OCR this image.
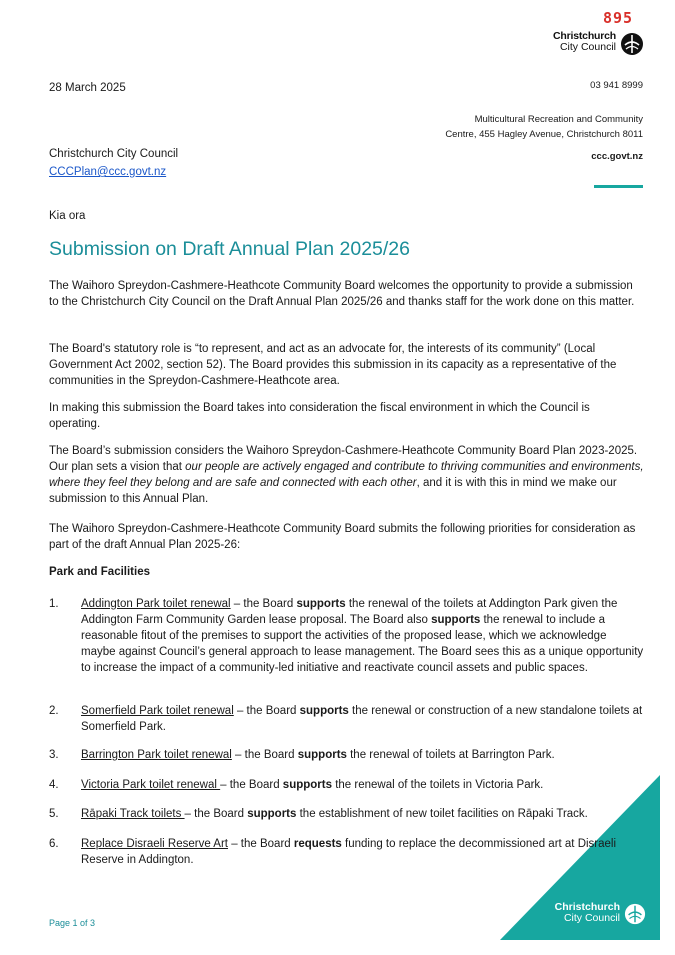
895
Christchurch
City Council
28 March 2025	03 941 8999
Multicultural Recreation and Community
Centre, 455 Hagley Avenue, Christchurch 8011
Christchurch City Council	ccc.govt.nz
CCCPlan@ccc.govt.nz
Kia ora
Submission on Draft Annual Plan 2025/26

The Waihoro Spreydon-Cashmere-Heathcote Community Board welcomes the opportunity to provide a submission to the Christchurch City Council on the Draft Annual Plan 2025/26 and thanks staff for the work done on this matter.

The Board's statutory role is “to represent, and act as an advocate for, the interests of its community” (Local Government Act 2002, section 52). The Board provides this submission in its capacity as a representative of the communities in the Spreydon-Cashmere-Heathcote area.

In making this submission the Board takes into consideration the fiscal environment in which the Council is operating.

The Board’s submission considers the Waihoro Spreydon-Cashmere-Heathcote Community Board Plan 2023-2025. Our plan sets a vision that our people are actively engaged and contribute to thriving communities and environments, where they feel they belong and are safe and connected with each other, and it is with this in mind we make our submission to this Annual Plan.

The Waihoro Spreydon-Cashmere-Heathcote Community Board submits the following priorities for consideration as part of the draft Annual Plan 2025-26:

Park and Facilities
1. Addington Park toilet renewal – the Board supports the renewal of the toilets at Addington Park given the Addington Farm Community Garden lease proposal. The Board also supports the renewal to include a reasonable fitout of the premises to support the activities of the proposed lease, which we acknowledge maybe against Council’s general approach to lease management. The Board sees this as a unique opportunity to increase the impact of a community-led initiative and reactivate council assets and public spaces.
2. Somerfield Park toilet renewal – the Board supports the renewal or construction of a new standalone toilets at Somerfield Park.
3. Barrington Park toilet renewal – the Board supports the renewal of toilets at Barrington Park.
4. Victoria Park toilet renewal – the Board supports the renewal of the toilets in Victoria Park.
5. Rāpaki Track toilets – the Board supports the establishment of new toilet facilities on Rāpaki Track.
6. Replace Disraeli Reserve Art – the Board requests funding to replace the decommissioned art at Disraeli Reserve in Addington.
Christchurch
City Council
Page 1 of 3
